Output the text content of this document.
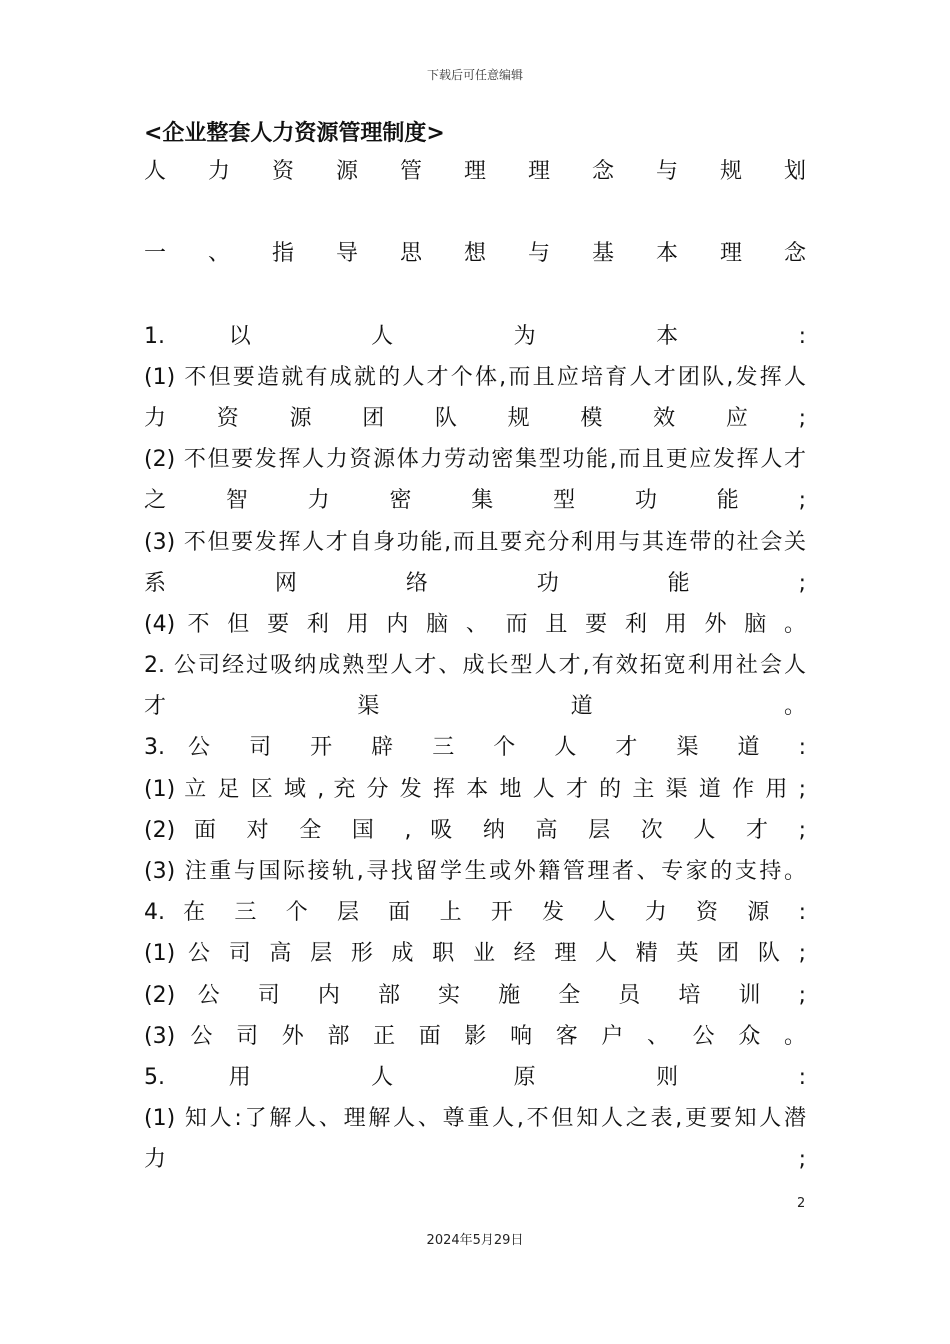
下载后可任意编辑
<企业整套人力资源管理制度>
人 力 资 源 管 理 理 念 与 规 划
一 、 指 导 思 想 与 基 本 理 念
1. 以 人 为 本 :
(1) 不但要造就有成就的人才个体,而且应培育人才团队,发挥人
力 资 源 团 队 规 模 效 应 ;
(2) 不但要发挥人力资源体力劳动密集型功能,而且更应发挥人才
之 智 力 密 集 型 功 能 ;
(3) 不但要发挥人才自身功能,而且要充分利用与其连带的社会关
系 网 络 功 能 ;
(4) 不 但 要 利 用 内 脑 、 而 且 要 利 用 外 脑 。
2. 公司经过吸纳成熟型人才、成长型人才,有效拓宽利用社会人
才 渠 道 。
3. 公 司 开 辟 三 个 人 才 渠 道 :
(1) 立 足 区 域 , 充 分 发 挥 本 地 人 才 的 主 渠 道 作 用 ;
(2) 面 对 全 国 , 吸 纳 高 层 次 人 才 ;
(3) 注重与国际接轨,寻找留学生或外籍管理者、专家的支持。
4. 在 三 个 层 面 上 开 发 人 力 资 源 :
(1) 公 司 高 层 形 成 职 业 经 理 人 精 英 团 队 ;
(2) 公 司 内 部 实 施 全 员 培 训 ;
(3) 公 司 外 部 正 面 影 响 客 户 、 公 众 。
5. 用 人 原 则 :
(1) 知人:了解人、理解人、尊重人,不但知人之表,更要知人潜
力 ;
2
2024年5月29日
